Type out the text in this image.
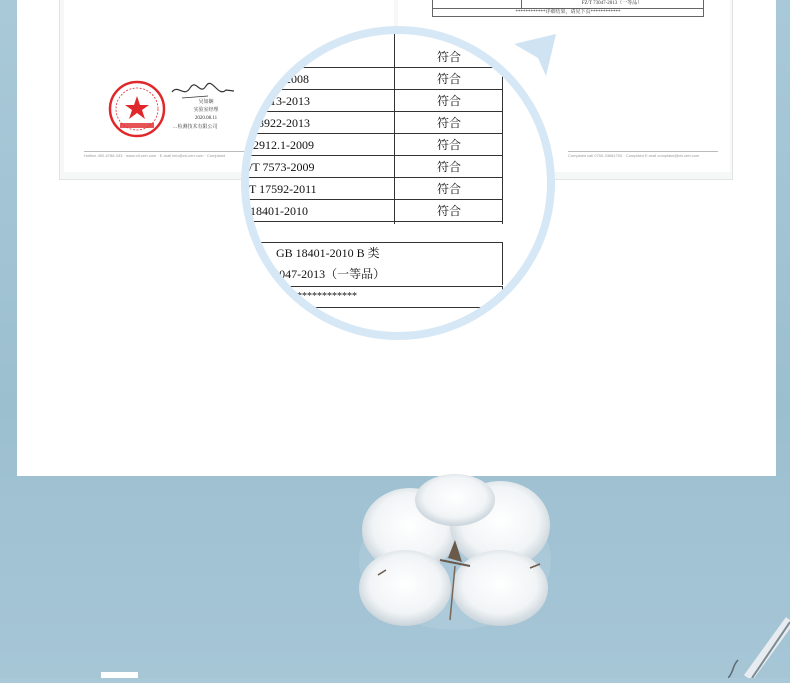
吴如娴
实验室经理
2020.08.11
…检测技术有限公司
Hotline 400-6788-333 · www.cti-cert.com · E-mail info@cti-cert.com · Complaint
FZ/T 73047-2013（一等品）
************详细结果，请见下页************
Complaint call 0755-33681700 · Complaint E-mail complaint@cti-cert.com
符合
2008	符合
13-2013	符合
3922-2013	符合
2912.1-2009	符合
/T 7573-2009	符合
T 17592-2011	符合
18401-2010	符合
GB 18401-2010 B 类
T 73047-2013（一等品）
************
